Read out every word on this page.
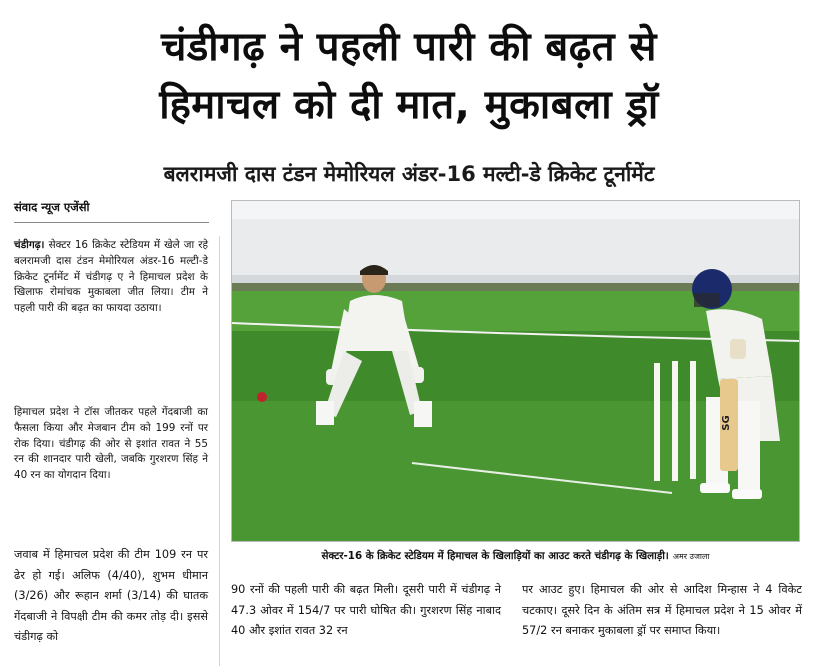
चंडीगढ़ ने पहली पारी की बढ़त से
हिमाचल को दी मात, मुकाबला ड्रॉ
बलरामजी दास टंडन मेमोरियल अंडर-16 मल्टी-डे क्रिकेट टूर्नामेंट
संवाद न्यूज एजेंसी
चंडीगढ़। सेक्टर 16 क्रिकेट स्टेडियम में खेले जा रहे बलरामजी दास टंडन मेमोरियल अंडर-16 मल्टी-डे क्रिकेट टूर्नामेंट में चंडीगढ़ ए ने हिमाचल प्रदेश के खिलाफ रोमांचक मुकाबला जीत लिया। टीम ने पहली पारी की बढ़त का फायदा उठाया।
हिमाचल प्रदेश ने टॉस जीतकर पहले गेंदबाजी का फैसला किया और मेजबान टीम को 199 रनों पर रोक दिया। चंडीगढ़ की ओर से इशांत रावत ने 55 रन की शानदार पारी खेली, जबकि गुरशरण सिंह ने 40 रन का योगदान दिया।
जवाब में हिमाचल प्रदेश की टीम 109 रन पर ढेर हो गई। अलिफ (4/40), शुभम धीमान (3/26) और रूहान शर्मा (3/14) की घातक गेंदबाजी ने विपक्षी टीम की कमर तोड़ दी। इससे चंडीगढ़ को
SG
सेक्टर-16 के क्रिकेट स्टेडियम में हिमाचल के खिलाड़ियों का आउट करते चंडीगढ़ के खिलाड़ी। अमर उजाला
90 रनों की पहली पारी की बढ़त मिली। दूसरी पारी में चंडीगढ़ ने 47.3 ओवर में 154/7 पर पारी घोषित की। गुरशरण सिंह नाबाद 40 और इशांत रावत 32 रन
पर आउट हुए। हिमाचल की ओर से आदिश मिन्हास ने 4 विकेट चटकाए। दूसरे दिन के अंतिम सत्र में हिमाचल प्रदेश ने 15 ओवर में 57/2 रन बनाकर मुकाबला ड्रॉ पर समाप्त किया।
